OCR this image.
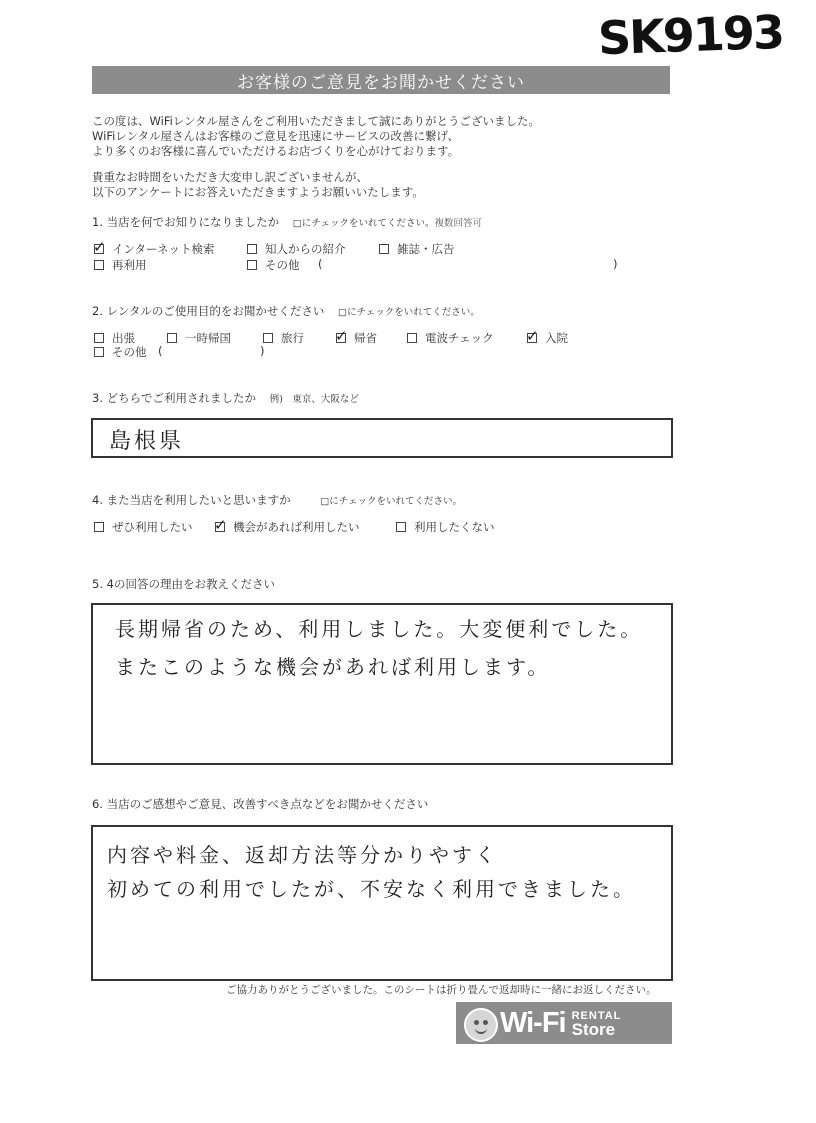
SK9193
お客様のご意見をお聞かせください
この度は、WiFiレンタル屋さんをご利用いただきまして誠にありがとうございました。
WiFiレンタル屋さんはお客様のご意見を迅速にサービスの改善に繋げ、
より多くのお客様に喜んでいただけるお店づくりを心がけております。
貴重なお時間をいただき大変申し訳ございませんが、
以下のアンケートにお答えいただきますようお願いいたします。
1. 当店を何でお知りになりましたか □にチェックをいれてください。複数回答可
✓ インターネット検索	知人からの紹介	雑誌・広告
再利用	その他 (	)
2. レンタルのご使用目的をお聞かせください □にチェックをいれてください。
出張	一時帰国	旅行 ✓ 帰省	電波チェック ✓ 入院
その他 (	)
3. どちらでご利用されましたか 例)　東京、大阪など
島根県
4. また当店を利用したいと思いますか	□にチェックをいれてください。
ぜひ利用したい ✓ 機会があれば利用したい	利用したくない
5. 4の回答の理由をお教えください
長期帰省のため、利用しました。大変便利でした。
またこのような機会があれば利用します。
6. 当店のご感想やご意見、改善すべき点などをお聞かせください
内容や料金、返却方法等分かりやすく
初めての利用でしたが、不安なく利用できました。
ご協力ありがとうございました。このシートは折り畳んで返却時に一緒にお返しください。
Wi-Fi RENTAL
Store
